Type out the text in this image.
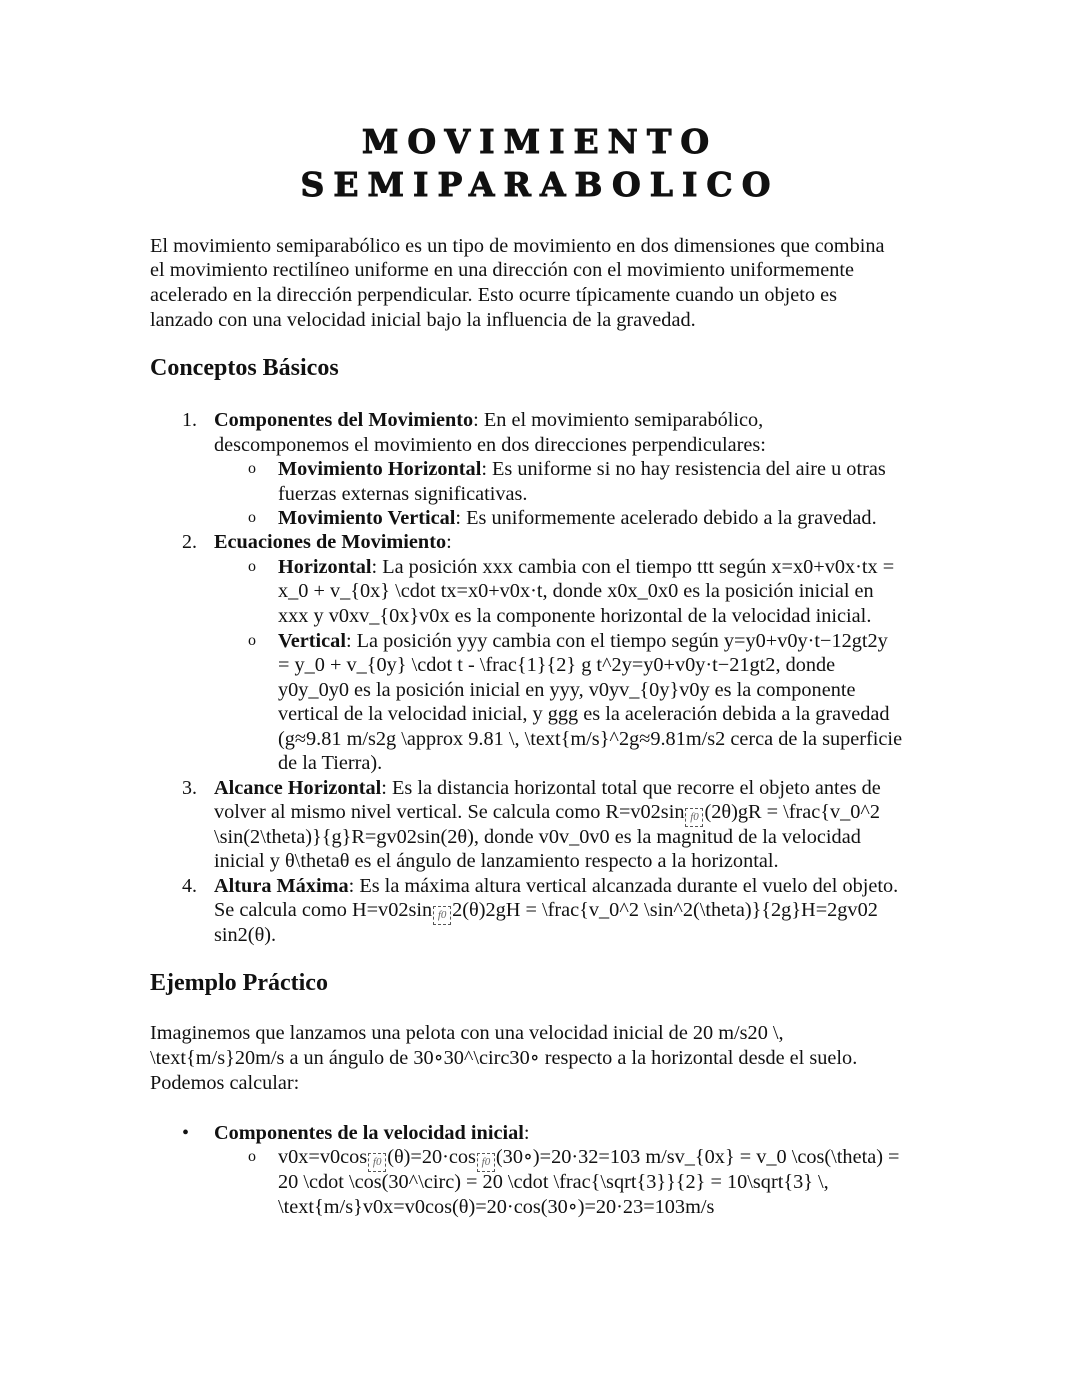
MOVIMIENTO
SEMIPARABOLICO
El movimiento semiparabólico es un tipo de movimiento en dos dimensiones que combina
el movimiento rectilíneo uniforme en una dirección con el movimiento uniformemente
acelerado en la dirección perpendicular. Esto ocurre típicamente cuando un objeto es
lanzado con una velocidad inicial bajo la influencia de la gravedad.
Conceptos Básicos
Ejemplo Práctico
1.
2.
3.
4.
o
o
o
o
•
o
Componentes del Movimiento: En el movimiento semiparabólico,
descomponemos el movimiento en dos direcciones perpendiculares:
Movimiento Horizontal: Es uniforme si no hay resistencia del aire u otras
fuerzas externas significativas.
Movimiento Vertical: Es uniformemente acelerado debido a la gravedad.
Ecuaciones de Movimiento:
Horizontal: La posición xxx cambia con el tiempo ttt según x=x0+v0x·tx =
x_0 + v_{0x} \cdot tx=x0+v0x·t, donde x0x_0x0 es la posición inicial en
xxx y v0xv_{0x}v0x es la componente horizontal de la velocidad inicial.
Vertical: La posición yyy cambia con el tiempo según y=y0+v0y·t−12gt2y
= y_0 + v_{0y} \cdot t - \frac{1}{2} g t^2y=y0+v0y·t−21gt2, donde
y0y_0y0 es la posición inicial en yyy, v0yv_{0y}v0y es la componente
vertical de la velocidad inicial, y ggg es la aceleración debida a la gravedad
(g≈9.81 m/s2g \approx 9.81 \, \text{m/s}^2g≈9.81m/s2 cerca de la superficie
de la Tierra).
Alcance Horizontal: Es la distancia horizontal total que recorre el objeto antes de
volver al mismo nivel vertical. Se calcula como R=v02sin f0 (2θ)gR = \frac{v_0^2
\sin(2\theta)}{g}R=gv02sin(2θ), donde v0v_0v0 es la magnitud de la velocidad
inicial y θ\thetaθ es el ángulo de lanzamiento respecto a la horizontal.
Altura Máxima: Es la máxima altura vertical alcanzada durante el vuelo del objeto.
Se calcula como H=v02sin f0 2(θ)2gH = \frac{v_0^2 \sin^2(\theta)}{2g}H=2gv02
sin2(θ).
Imaginemos que lanzamos una pelota con una velocidad inicial de 20 m/s20 \,
\text{m/s}20m/s a un ángulo de 30∘30^\circ30∘ respecto a la horizontal desde el suelo.
Podemos calcular:
Componentes de la velocidad inicial:
v0x=v0cos f0 (θ)=20·cos f0 (30∘)=20·32=103 m/sv_{0x} = v_0 \cos(\theta) =
20 \cdot \cos(30^\circ) = 20 \cdot \frac{\sqrt{3}}{2} = 10\sqrt{3} \,
\text{m/s}v0x=v0cos(θ)=20·cos(30∘)=20·23=103m/s
